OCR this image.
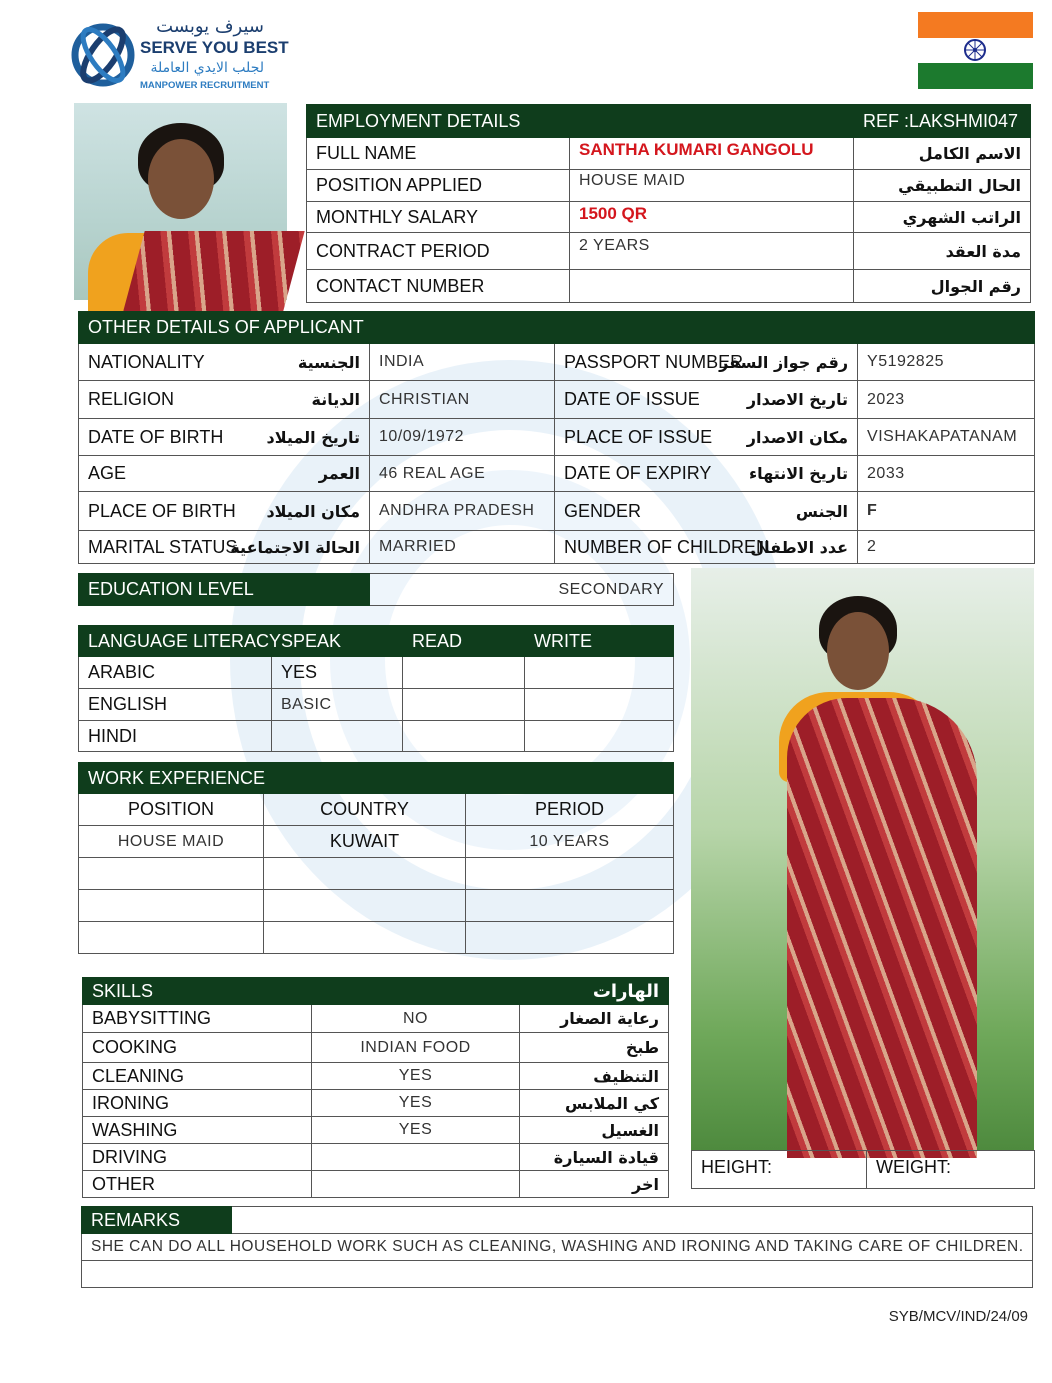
سيرف يوبست
SERVE YOU BEST
لجلب الايدي العاملة
MANPOWER RECRUITMENT
EMPLOYMENT DETAILS		REF :LAKSHMI047
FULL NAME	SANTHA KUMARI GANGOLU	الاسم الكامل
POSITION APPLIED	HOUSE MAID	الحال التطبيقي
MONTHLY SALARY	1500 QR	الراتب الشهري
CONTRACT PERIOD	2 YEARS	مدة العقد
CONTACT NUMBER		رقم الجوال
OTHER DETAILS OF APPLICANT					
NATIONALITY	الجنسية	INDIA	PASSPORT NUMBER	رقم جواز السفر	Y5192825
RELIGION	الديانة	CHRISTIAN	DATE OF ISSUE	تاريخ الاصدار	2023
DATE OF BIRTH	تاريخ الميلاد	10/09/1972	PLACE OF ISSUE	مكان الاصدار	VISHAKAPATANAM
AGE	العمر	46 REAL AGE	DATE OF EXPIRY	تاريخ الانتهاء	2033
PLACE OF BIRTH	مكان الميلاد	ANDHRA PRADESH	GENDER	الجنس	F
MARITAL STATUS	الحالة الاجتماعية	MARRIED	NUMBER OF CHILDREN	عدد الاطفال	2
EDUCATION LEVEL	SECONDARY
LANGUAGE LITERACY	SPEAK	READ	WRITE
ARABIC	YES		
ENGLISH	BASIC		
HINDI			
WORK EXPERIENCE		
POSITION	COUNTRY	PERIOD
HOUSE MAID	KUWAIT	10 YEARS

SKILLS		الهارات
BABYSITTING	NO	رعاية الصغار
COOKING	INDIAN FOOD	طبخ
CLEANING	YES	التنظيف
IRONING	YES	كي الملابس
WASHING	YES	الغسيل
DRIVING		قيادة السيارة
OTHER		اخر
HEIGHT:	WEIGHT:
REMARKS	
SHE CAN DO ALL HOUSEHOLD WORK SUCH AS CLEANING, WASHING AND IRONING AND TAKING CARE OF CHILDREN.

SYB/MCV/IND/24/09
